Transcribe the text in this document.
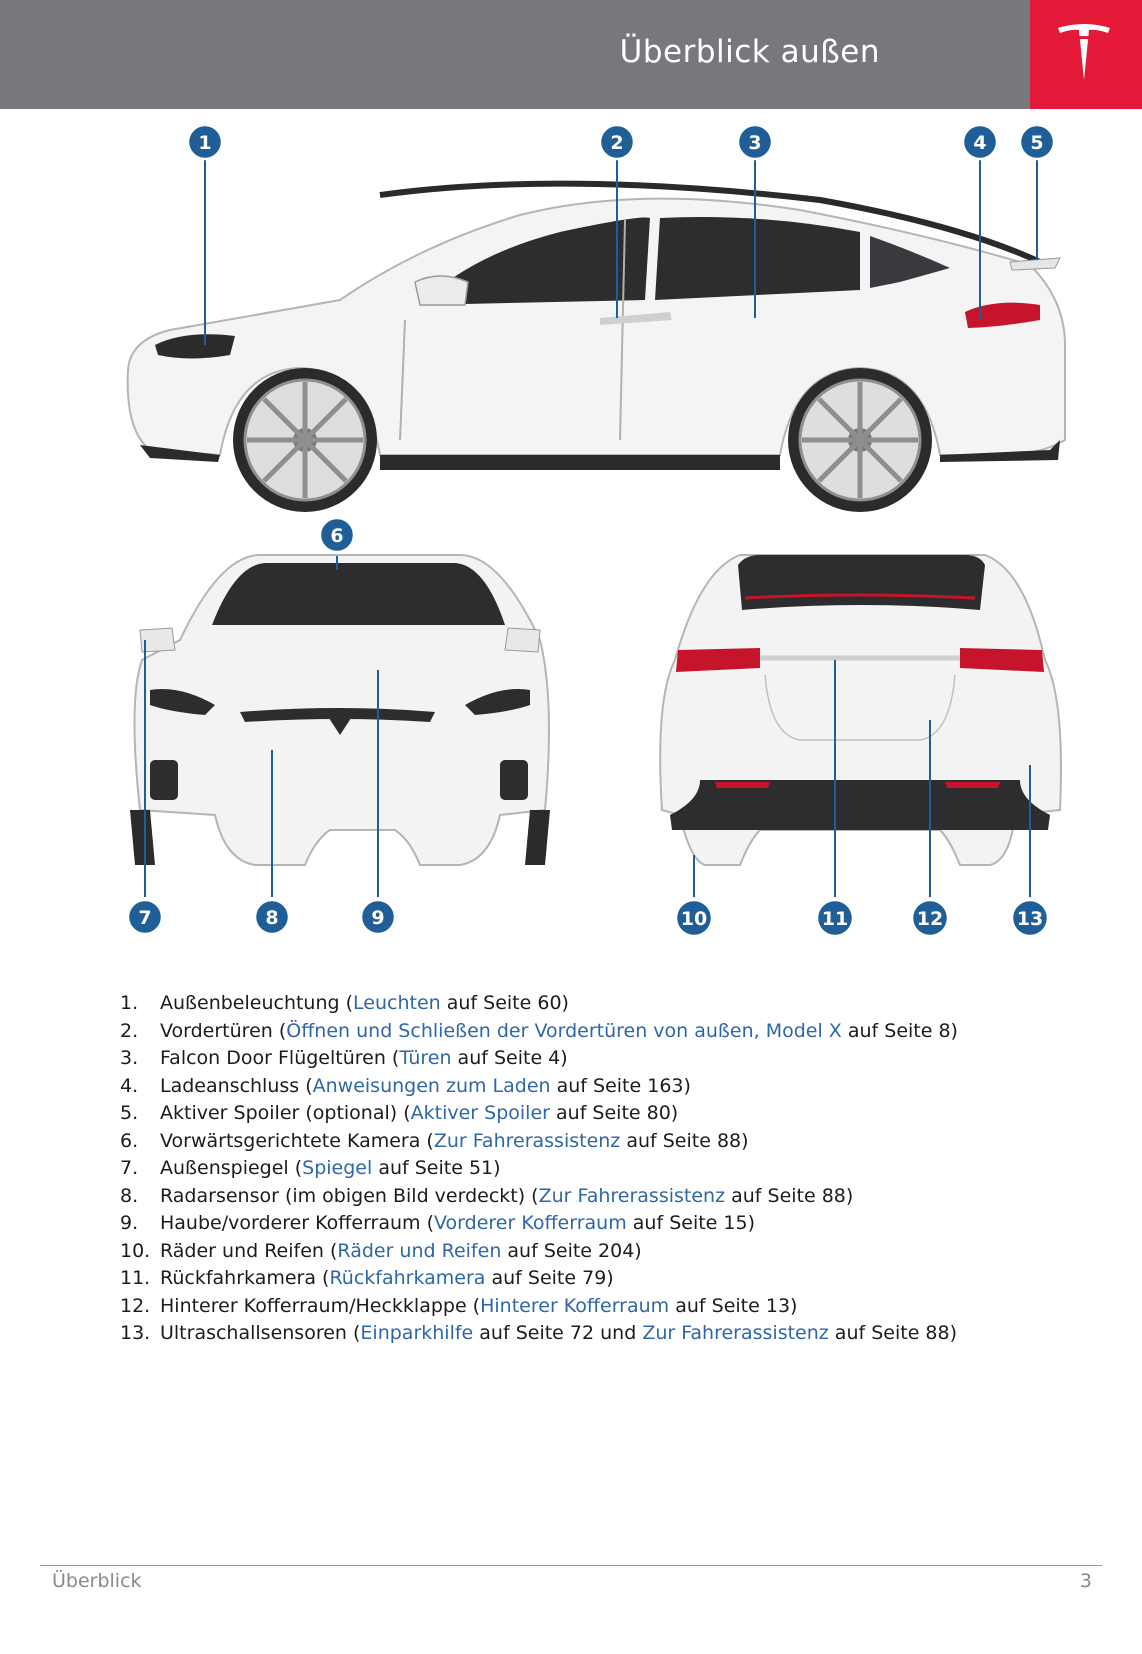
Überblick außen
1	2	3	4 5
6
7	8	9	10	11	12	13
1.	Außenbeleuchtung (Leuchten auf Seite 60)
2.	Vordertüren (Öffnen und Schließen der Vordertüren von außen, Model X auf Seite 8)
3.	Falcon Door Flügeltüren (Türen auf Seite 4)
4.	Ladeanschluss (Anweisungen zum Laden auf Seite 163)
5.	Aktiver Spoiler (optional) (Aktiver Spoiler auf Seite 80)
6.	Vorwärtsgerichtete Kamera (Zur Fahrerassistenz auf Seite 88)
7.	Außenspiegel (Spiegel auf Seite 51)
8.	Radarsensor (im obigen Bild verdeckt) (Zur Fahrerassistenz auf Seite 88)
9.	Haube/vorderer Kofferraum (Vorderer Kofferraum auf Seite 15)
10. Räder und Reifen (Räder und Reifen auf Seite 204)
11. Rückfahrkamera (Rückfahrkamera auf Seite 79)
12. Hinterer Kofferraum/Heckklappe (Hinterer Kofferraum auf Seite 13)
13. Ultraschallsensoren (Einparkhilfe auf Seite 72 und Zur Fahrerassistenz auf Seite 88)
Überblick	3
